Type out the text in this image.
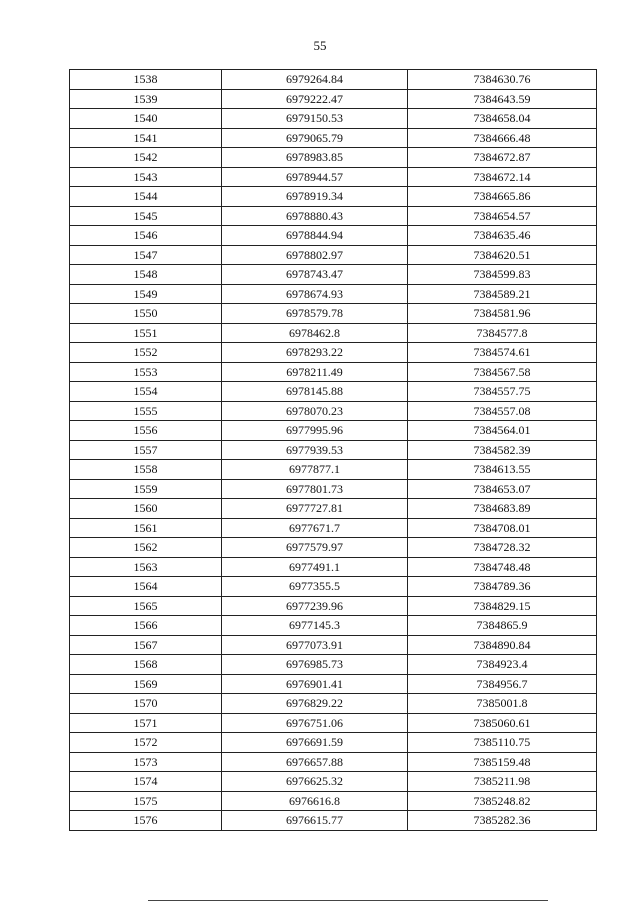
55
1538	6979264.84	7384630.76
1539	6979222.47	7384643.59
1540	6979150.53	7384658.04
1541	6979065.79	7384666.48
1542	6978983.85	7384672.87
1543	6978944.57	7384672.14
1544	6978919.34	7384665.86
1545	6978880.43	7384654.57
1546	6978844.94	7384635.46
1547	6978802.97	7384620.51
1548	6978743.47	7384599.83
1549	6978674.93	7384589.21
1550	6978579.78	7384581.96
1551	6978462.8	7384577.8
1552	6978293.22	7384574.61
1553	6978211.49	7384567.58
1554	6978145.88	7384557.75
1555	6978070.23	7384557.08
1556	6977995.96	7384564.01
1557	6977939.53	7384582.39
1558	6977877.1	7384613.55
1559	6977801.73	7384653.07
1560	6977727.81	7384683.89
1561	6977671.7	7384708.01
1562	6977579.97	7384728.32
1563	6977491.1	7384748.48
1564	6977355.5	7384789.36
1565	6977239.96	7384829.15
1566	6977145.3	7384865.9
1567	6977073.91	7384890.84
1568	6976985.73	7384923.4
1569	6976901.41	7384956.7
1570	6976829.22	7385001.8
1571	6976751.06	7385060.61
1572	6976691.59	7385110.75
1573	6976657.88	7385159.48
1574	6976625.32	7385211.98
1575	6976616.8	7385248.82
1576	6976615.77	7385282.36
